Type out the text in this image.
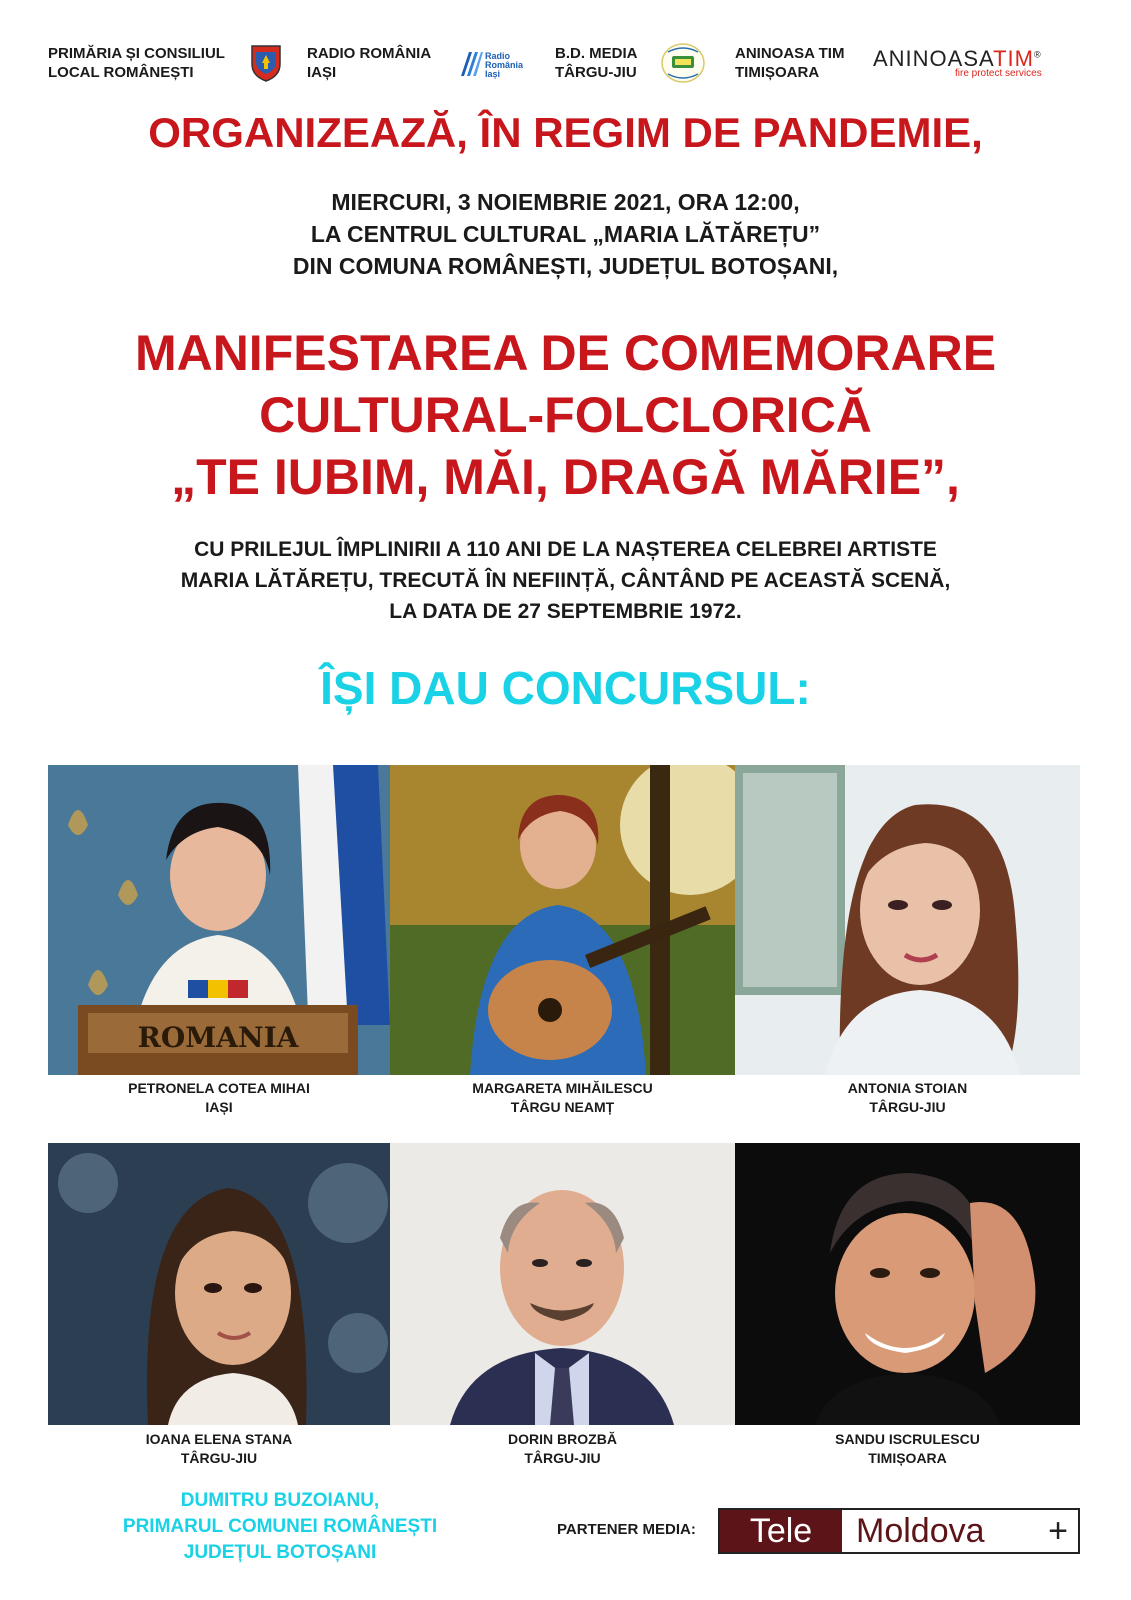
PRIMĂRIA ȘI CONSILIUL
LOCAL ROMÂNEȘTI
RADIO ROMÂNIA
IAȘI
Radio
România
Iași
B.D. MEDIA
TÂRGU-JIU
ANINOASA TIM
TIMIȘOARA
ANINOASATIM®
fire protect services
ORGANIZEAZĂ, ÎN REGIM DE PANDEMIE,
MIERCURI, 3 NOIEMBRIE 2021, ORA 12:00,
LA CENTRUL CULTURAL „MARIA LĂTĂREȚU”
DIN COMUNA ROMÂNEȘTI, JUDEȚUL BOTOȘANI,
MANIFESTAREA DE COMEMORARE
CULTURAL-FOLCLORICĂ
„TE IUBIM, MĂI, DRAGĂ MĂRIE”,
CU PRILEJUL ÎMPLINIRII A 110 ANI DE LA NAȘTEREA CELEBREI ARTISTE
MARIA LĂTĂREȚU, TRECUTĂ ÎN NEFIINȚĂ, CÂNTÂND PE ACEASTĂ SCENĂ,
LA DATA DE 27 SEPTEMBRIE 1972.
ÎȘI DAU CONCURSUL:
ROMANIA
PETRONELA COTEA MIHAI
IAȘI
MARGARETA MIHĂILESCU
TÂRGU NEAMȚ
ANTONIA STOIAN
TÂRGU-JIU
IOANA ELENA STANA
TÂRGU-JIU
DORIN BROZBĂ
TÂRGU-JIU
SANDU ISCRULESCU
TIMIȘOARA
DUMITRU BUZOIANU,
PRIMARUL COMUNEI ROMÂNEȘTI
JUDEȚUL BOTOȘANI
PARTENER MEDIA:	Tele	Moldova +
